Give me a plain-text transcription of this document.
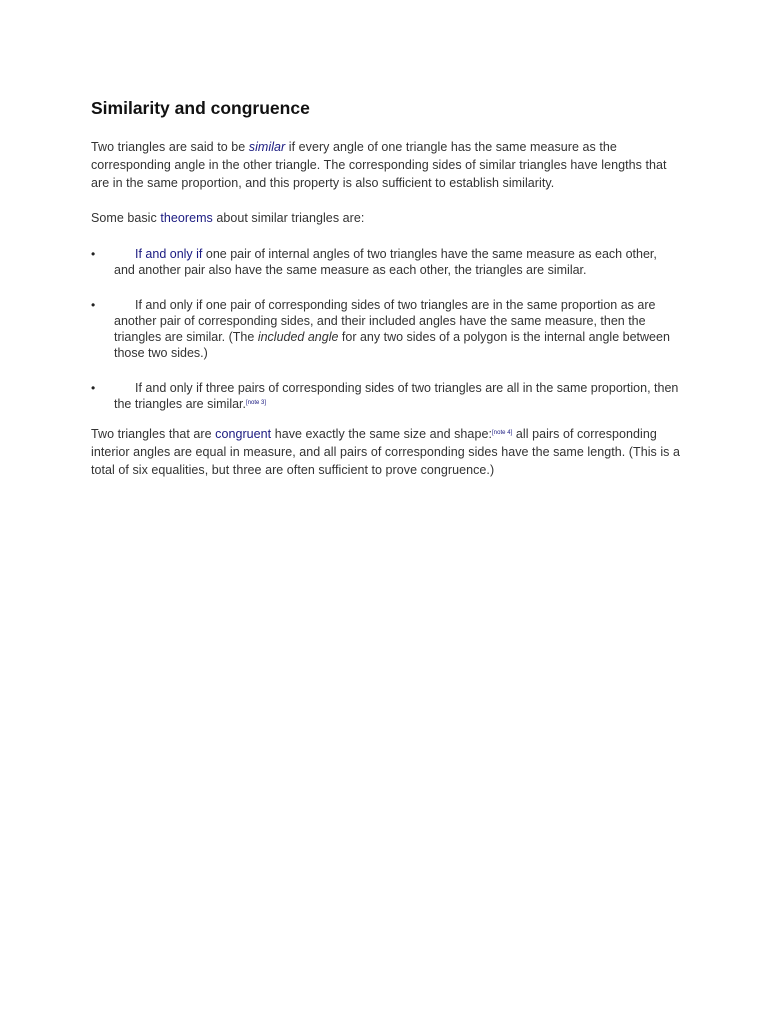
Similarity and congruence

Two triangles are said to be similar if every angle of one triangle has the same measure as the corresponding angle in the other triangle. The corresponding sides of similar triangles have lengths that are in the same proportion, and this property is also sufficient to establish similarity.

Some basic theorems about similar triangles are:

•	If and only if one pair of internal angles of two triangles have the same measure as each other, and another pair also have the same measure as each other, the triangles are similar.
•	If and only if one pair of corresponding sides of two triangles are in the same proportion as are another pair of corresponding sides, and their included angles have the same measure, then the triangles are similar. (The included angle for any two sides of a polygon is the internal angle between those two sides.)
•	If and only if three pairs of corresponding sides of two triangles are all in the same proportion, then the triangles are similar.[note 3]

Two triangles that are congruent have exactly the same size and shape:[note 4] all pairs of corresponding interior angles are equal in measure, and all pairs of corresponding sides have the same length. (This is a total of six equalities, but three are often sufficient to prove congruence.)
